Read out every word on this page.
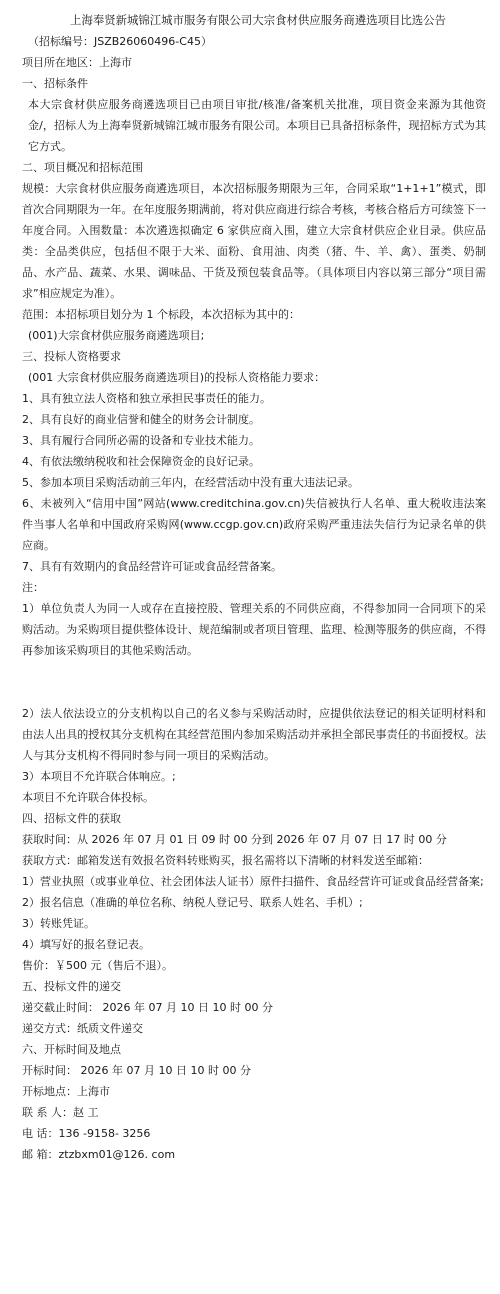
上海奉贤新城锦江城市服务有限公司大宗食材供应服务商遴选项目比选公告

（招标编号：JSZB26060496-C45）

项目所在地区：上海市

一、招标条件

本大宗食材供应服务商遴选项目已由项目审批/核准/备案机关批准，项目资金来源为其他资金/，招标人为上海奉贤新城锦江城市服务有限公司。本项目已具备招标条件，现招标方式为其它方式。

二、项目概况和招标范围

规模：大宗食材供应服务商遴选项目，本次招标服务期限为三年，合同采取“1+1+1”模式，即首次合同期限为一年。在年度服务期满前，将对供应商进行综合考核，考核合格后方可续签下一年度合同。入围数量：本次遴选拟确定 6 家供应商入围，建立大宗食材供应企业目录。供应品类：全品类供应，包括但不限于大米、面粉、食用油、肉类（猪、牛、羊、禽）、蛋类、奶制品、水产品、蔬菜、水果、调味品、干货及预包装食品等。（具体项目内容以第三部分“项目需求”相应规定为准）。

范围：本招标项目划分为 1 个标段，本次招标为其中的：

(001)大宗食材供应服务商遴选项目;

三、投标人资格要求

(001 大宗食材供应服务商遴选项目)的投标人资格能力要求：

1、具有独立法人资格和独立承担民事责任的能力。

2、具有良好的商业信誉和健全的财务会计制度。

3、具有履行合同所必需的设备和专业技术能力。

4、有依法缴纳税收和社会保障资金的良好记录。

5、参加本项目采购活动前三年内，在经营活动中没有重大违法记录。

6、未被列入“信用中国”网站(www.creditchina.gov.cn)失信被执行人名单、重大税收违法案件当事人名单和中国政府采购网(www.ccgp.gov.cn)政府采购严重违法失信行为记录名单的供应商。

7、具有有效期内的食品经营许可证或食品经营备案。

注：

1）单位负责人为同一人或存在直接控股、管理关系的不同供应商，不得参加同一合同项下的采购活动。为采购项目提供整体设计、规范编制或者项目管理、监理、检测等服务的供应商，不得再参加该采购项目的其他采购活动。

2）法人依法设立的分支机构以自己的名义参与采购活动时，应提供依法登记的相关证明材料和由法人出具的授权其分支机构在其经营范围内参加采购活动并承担全部民事责任的书面授权。法人与其分支机构不得同时参与同一项目的采购活动。

3）本项目不允许联合体响应。;

本项目不允许联合体投标。

四、招标文件的获取

获取时间：从 2026 年 07 月 01 日 09 时 00 分到 2026 年 07 月 07 日 17 时 00 分

获取方式：邮箱发送有效报名资料转账购买，报名需将以下清晰的材料发送至邮箱：

1）营业执照（或事业单位、社会团体法人证书）原件扫描件、食品经营许可证或食品经营备案;

2）报名信息（准确的单位名称、纳税人登记号、联系人姓名、手机）;

3）转账凭证。

4）填写好的报名登记表。

售价：￥500 元（售后不退）。

五、投标文件的递交

递交截止时间： 2026 年 07 月 10 日 10 时 00 分

递交方式：纸质文件递交

六、开标时间及地点

开标时间： 2026 年 07 月 10 日 10 时 00 分

开标地点：上海市

联 系 人：赵 工

电 话：136 -9158- 3256

邮 箱：ztzbxm01@126. com
